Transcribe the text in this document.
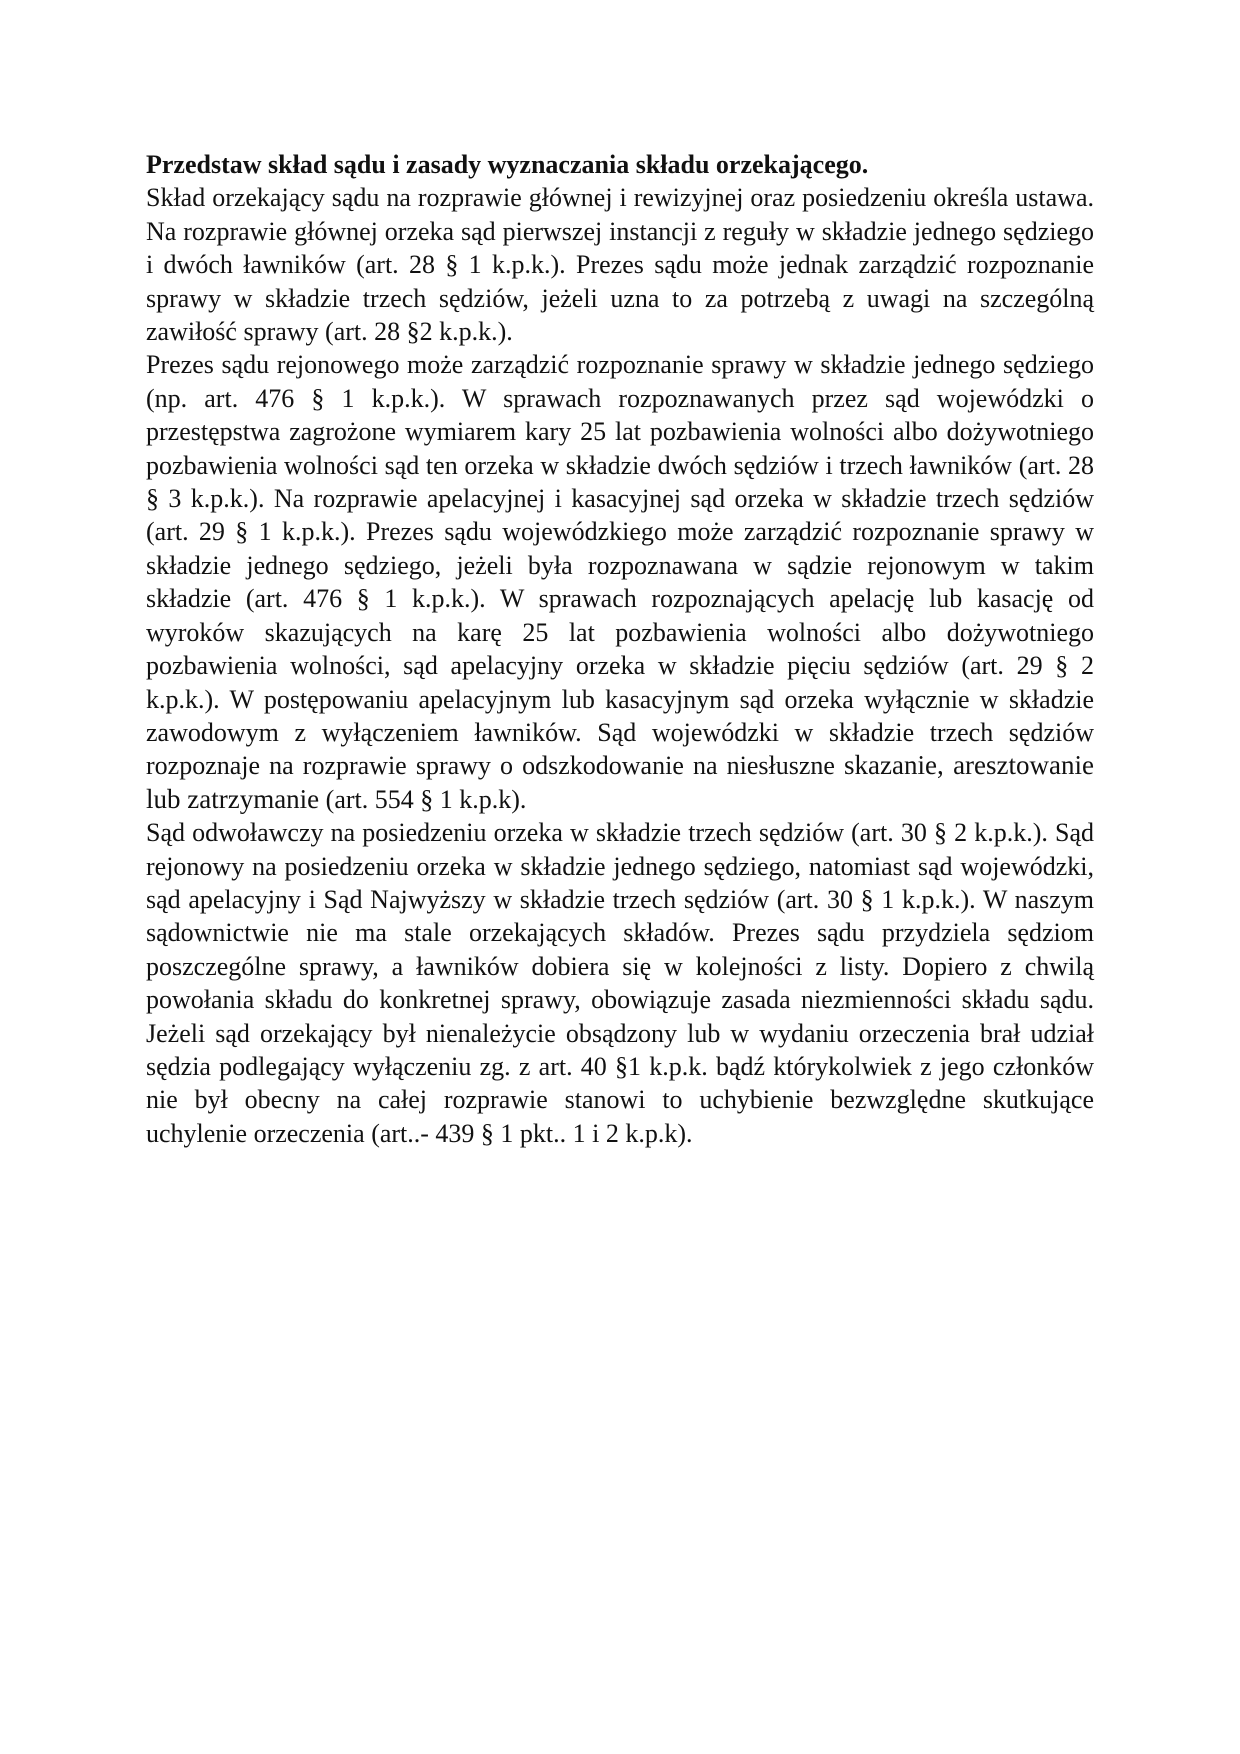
Przedstaw skład sądu i zasady wyznaczania składu orzekającego.

Skład orzekający sądu na rozprawie głównej i rewizyjnej oraz posiedzeniu określa ustawa. Na rozprawie głównej orzeka sąd pierwszej instancji z reguły w składzie jednego sędziego i dwóch ławników (art. 28 § 1 k.p.k.). Prezes sądu może jednak zarządzić rozpoznanie sprawy w składzie trzech sędziów, jeżeli uzna to za potrzebą z uwagi na szczególną zawiłość sprawy (art. 28 §2 k.p.k.).

Prezes sądu rejonowego może zarządzić rozpoznanie sprawy w składzie jednego sędziego (np. art. 476 § 1 k.p.k.). W sprawach rozpoznawanych przez sąd wojewódzki o przestępstwa zagrożone wymiarem kary 25 lat pozbawienia wolności albo dożywotniego pozbawienia wolności sąd ten orzeka w składzie dwóch sędziów i trzech ławników (art. 28 § 3 k.p.k.). Na rozprawie apelacyjnej i kasacyjnej sąd orzeka w składzie trzech sędziów (art. 29 § 1 k.p.k.). Prezes sądu wojewódzkiego może zarządzić rozpoznanie sprawy w składzie jednego sędziego, jeżeli była rozpoznawana w sądzie rejonowym w takim składzie (art. 476 § 1 k.p.k.). W sprawach rozpoznających apelację lub kasację od wyroków skazujących na karę 25 lat pozbawienia wolności albo dożywotniego pozbawienia wolności, sąd apelacyjny orzeka w składzie pięciu sędziów (art. 29 § 2 k.p.k.). W postępowaniu apelacyjnym lub kasacyjnym sąd orzeka wyłącznie w składzie zawodowym z wyłączeniem ławników. Sąd wojewódzki w składzie trzech sędziów rozpoznaje na rozprawie sprawy o odszkodowanie na niesłuszne skazanie, aresztowanie lub zatrzymanie (art. 554 § 1 k.p.k).

Sąd odwoławczy na posiedzeniu orzeka w składzie trzech sędziów (art. 30 § 2 k.p.k.). Sąd rejonowy na posiedzeniu orzeka w składzie jednego sędziego, natomiast sąd wojewódzki, sąd apelacyjny i Sąd Najwyższy w składzie trzech sędziów (art. 30 § 1 k.p.k.). W naszym sądownictwie nie ma stale orzekających składów. Prezes sądu przydziela sędziom poszczególne sprawy, a ławników dobiera się w kolejności z listy. Dopiero z chwilą powołania składu do konkretnej sprawy, obowiązuje zasada niezmienności składu sądu. Jeżeli sąd orzekający był nienależycie obsądzony lub w wydaniu orzeczenia brał udział sędzia podlegający wyłączeniu zg. z art. 40 §1 k.p.k. bądź którykolwiek z jego członków nie był obecny na całej rozprawie stanowi to uchybienie bezwzględne skutkujące uchylenie orzeczenia (art..- 439 § 1 pkt.. 1 i 2 k.p.k).
